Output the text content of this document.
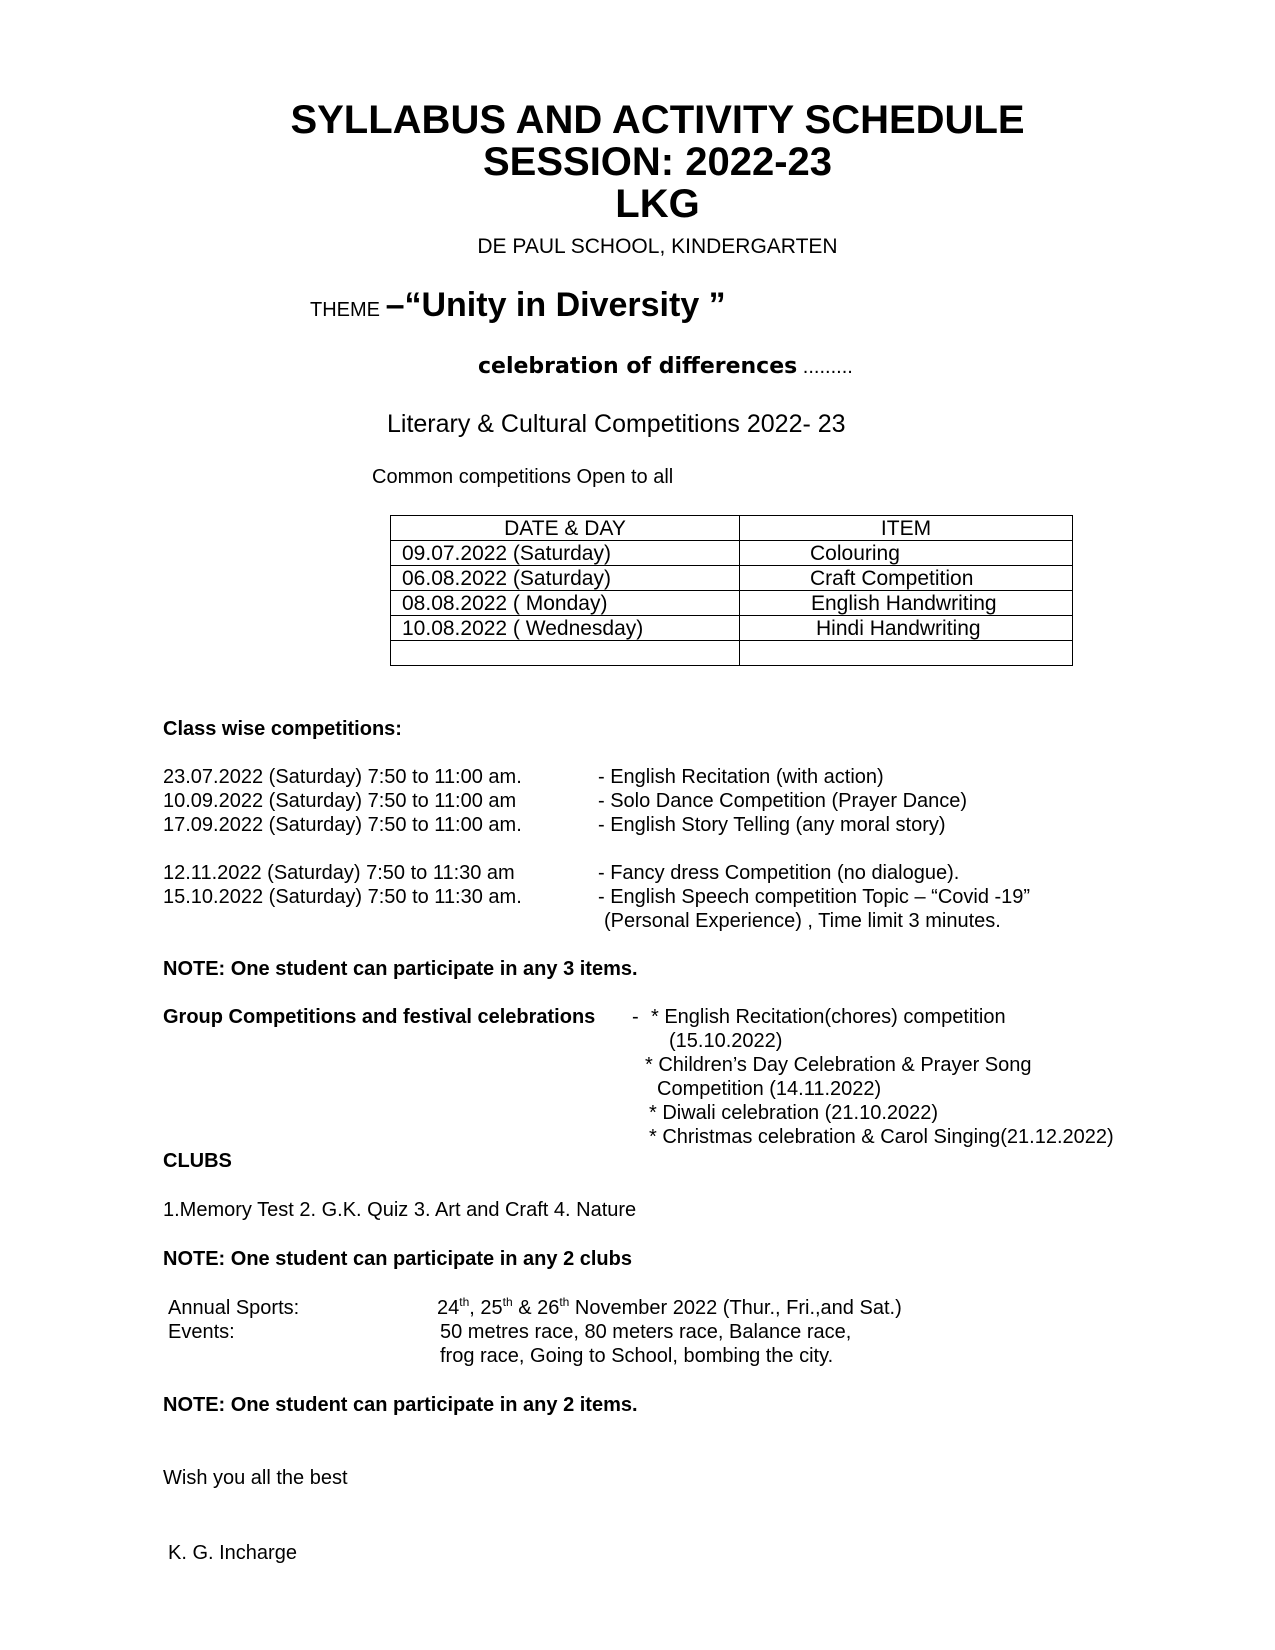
SYLLABUS AND ACTIVITY SCHEDULE
SESSION: 2022-23
LKG
DE PAUL SCHOOL, KINDERGARTEN
THEME –“Unity in Diversity ”
celebration of differences .........
Literary & Cultural Competitions 2022- 23
Common competitions Open to all
DATE & DAY	ITEM
09.07.2022 (Saturday)	Colouring
06.08.2022 (Saturday)	Craft Competition
08.08.2022 ( Monday)	English Handwriting
10.08.2022 ( Wednesday)	Hindi Handwriting

Class wise competitions:
23.07.2022 (Saturday) 7:50 to 11:00 am.	- English Recitation (with action)
10.09.2022 (Saturday) 7:50 to 11:00 am	- Solo Dance Competition (Prayer Dance)
17.09.2022 (Saturday) 7:50 to 11:00 am.	- English Story Telling (any moral story)
12.11.2022 (Saturday) 7:50 to 11:30 am	- Fancy dress Competition (no dialogue).
15.10.2022 (Saturday) 7:50 to 11:30 am.	- English Speech competition Topic – “Covid -19”
(Personal Experience) , Time limit 3 minutes.
NOTE: One student can participate in any 3 items.
Group Competitions and festival celebrations - * English Recitation(chores) competition
(15.10.2022)
* Children’s Day Celebration & Prayer Song
Competition (14.11.2022)
* Diwali celebration (21.10.2022)
* Christmas celebration & Carol Singing(21.12.2022)
CLUBS
1.Memory Test 2. G.K. Quiz 3. Art and Craft 4. Nature
NOTE: One student can participate in any 2 clubs
Annual Sports:	24th, 25th & 26th November 2022 (Thur., Fri.,and Sat.)
Events:	50 metres race, 80 meters race, Balance race,
frog race, Going to School, bombing the city.
NOTE: One student can participate in any 2 items.
Wish you all the best
K. G. Incharge
